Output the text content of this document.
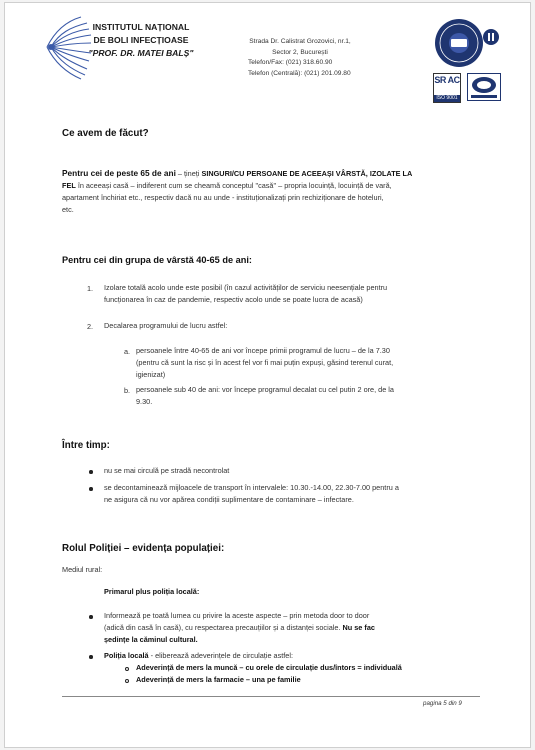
INSTITUTUL NAȚIONAL
DE BOLI INFECȚIOASE
"PROF. DR. MATEI BALȘ"
Strada Dr. Calistrat Grozovici, nr.1,
Sector 2, București
Telefon/Fax: (021) 318.60.90
Telefon (Centrală): (021) 201.09.80
SR AC
ISO 9001
Ce avem de făcut?
Pentru cei de peste 65 de ani – țineți SINGURI/CU PERSOANE DE ACEEAȘI VÂRSTĂ, IZOLATE LA
FEL în aceeași casă – indiferent cum se cheamă conceptul "casă" – propria locuință, locuință de vară,
apartament închiriat etc., respectiv dacă nu au unde - instituționalizați prin rechiziționare de hoteluri,
etc.
Pentru cei din grupa de vârstă 40-65 de ani:
1. Izolare totală acolo unde este posibil (în cazul activităților de serviciu neesențiale pentru
funcționarea în caz de pandemie, respectiv acolo unde se poate lucra de acasă)
2. Decalarea programului de lucru astfel:
a. persoanele între 40-65 de ani vor începe primii programul de lucru – de la 7.30
(pentru că sunt la risc și în acest fel vor fi mai puțin expuși, găsind terenul curat,
igienizat)
b. persoanele sub 40 de ani: vor începe programul decalat cu cel putin 2 ore, de la
9.30.
Între timp:
nu se mai circulă pe stradă necontrolat
se decontaminează mijloacele de transport în intervalele: 10.30.-14.00, 22.30-7.00 pentru a
ne asigura că nu vor apărea condiții suplimentare de contaminare – infectare.
Rolul Poliției – evidența populației:
Mediul rural:
Primarul plus poliția locală:
Informează pe toată lumea cu privire la aceste aspecte – prin metoda door to door
(adică din casă în casă), cu respectarea precauțiilor și a distanței sociale. Nu se fac
ședințe la căminul cultural.
Poliția locală - eliberează adeverințele de circulație astfel:
Adeverință de mers la muncă – cu orele de circulație dus/întors = individuală
Adeverință de mers la farmacie – una pe familie
pagina 5 din 9
